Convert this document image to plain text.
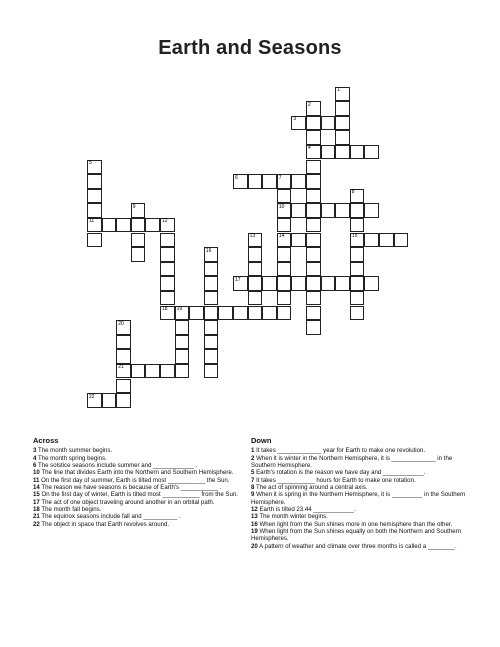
Earth and Seasons
1
2
4
3
5
11
6	7
10
14
8
15
9
12
13
16
17
18 19
20
21
22
Across

3 The month summer begins.

4 The month spring begins.

6 The solstice seasons include summer and ____________ .

10 The line that divides Earth into the Northern and Southern Hemisphere.

11 On the first day of summer, Earth is tilted most ___________ the Sun.

14 The reason we have seasons is because of Earth's ___________ .

15 On the first day of winter, Earth is tilted most ___________ from the Sun.

17 The act of one object traveling around another in an orbital path.

18 The month fall begins.

21 The equinox seasons include fall and __________ .

22 The object in space that Earth revolves around.

Down

1 It takes _____________ year for Earth to make one revolution.

2 When it is winter in the Northern Hemisphere, it is _____________ in the Southern Hemisphere.

5 Earth's rotation is the reason we have day and ____________.

7 It takes ___________ hours for Earth to make one rotation.

8 The act of spinning around a central axis.

9 When it is spring in the Northern Hemisphere, it is _________ in the Southern Hemisphere.

12 Earth is tilted 23.44 ____________.

13 The month winter begins.

16 When light from the Sun shines more in one hemisphere than the other.

19 When light from the Sun shines equally on both the Northern and Southern Hemispheres.

20 A pattern of weather and climate over three months is called a ________.
